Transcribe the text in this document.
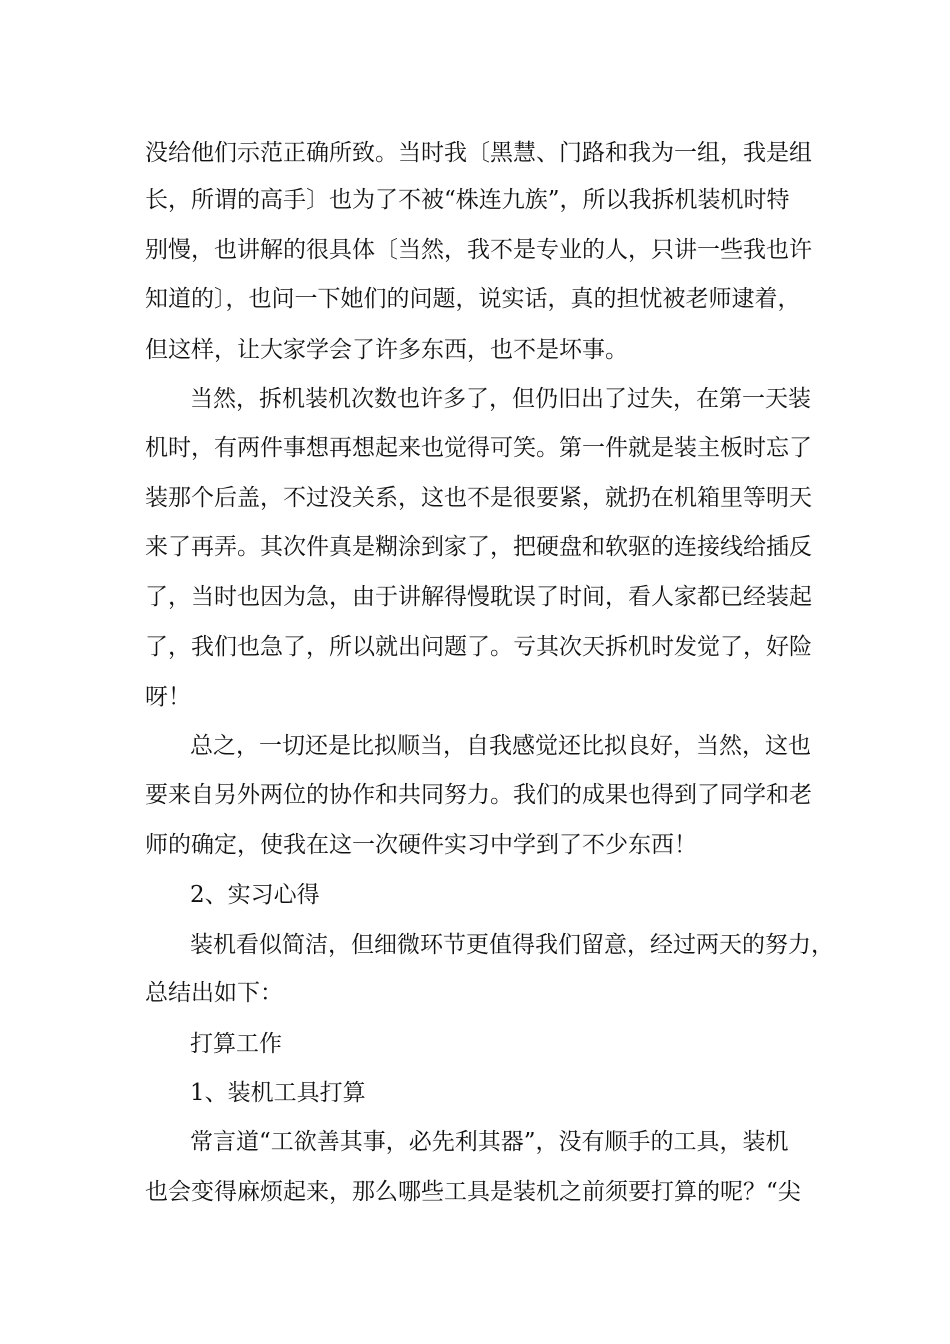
没给他们示范正确所致。当时我〔黑慧、门路和我为一组，我是组
长，所谓的高手〕也为了不被“株连九族”，所以我拆机装机时特
别慢，也讲解的很具体〔当然，我不是专业的人，只讲一些我也许
知道的〕，也问一下她们的问题，说实话，真的担忧被老师逮着，
但这样，让大家学会了许多东西，也不是坏事。
当然，拆机装机次数也许多了，但仍旧出了过失，在第一天装
机时，有两件事想再想起来也觉得可笑。第一件就是装主板时忘了
装那个后盖，不过没关系，这也不是很要紧，就扔在机箱里等明天
来了再弄。其次件真是糊涂到家了，把硬盘和软驱的连接线给插反
了，当时也因为急，由于讲解得慢耽误了时间，看人家都已经装起
了，我们也急了，所以就出问题了。亏其次天拆机时发觉了，好险
呀！
总之，一切还是比拟顺当，自我感觉还比拟良好，当然，这也
要来自另外两位的协作和共同努力。我们的成果也得到了同学和老
师的确定，使我在这一次硬件实习中学到了不少东西！
2、实习心得
装机看似简洁，但细微环节更值得我们留意，经过两天的努力，
总结出如下：
打算工作
1、装机工具打算
常言道“工欲善其事，必先利其器”，没有顺手的工具，装机
也会变得麻烦起来，那么哪些工具是装机之前须要打算的呢？“尖
